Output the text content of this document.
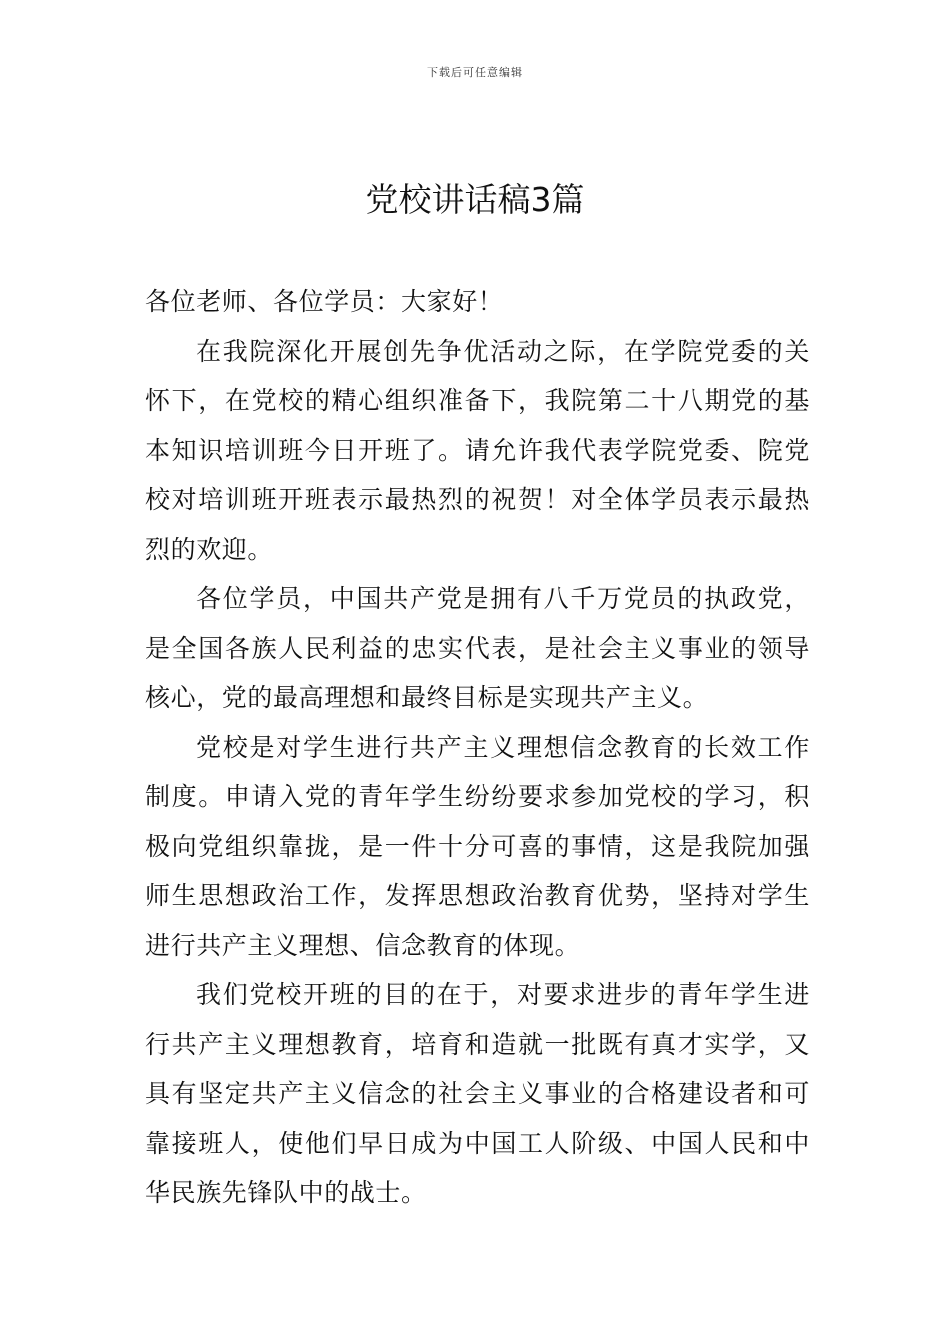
下载后可任意编辑
党校讲话稿3篇

各位老师、各位学员：大家好！

在我院深化开展创先争优活动之际，在学院党委的关怀下，在党校的精心组织准备下，我院第二十八期党的基本知识培训班今日开班了。请允许我代表学院党委、院党校对培训班开班表示最热烈的祝贺！对全体学员表示最热烈的欢迎。

各位学员，中国共产党是拥有八千万党员的执政党，是全国各族人民利益的忠实代表，是社会主义事业的领导核心，党的最高理想和最终目标是实现共产主义。

党校是对学生进行共产主义理想信念教育的长效工作制度。申请入党的青年学生纷纷要求参加党校的学习，积极向党组织靠拢，是一件十分可喜的事情，这是我院加强师生思想政治工作，发挥思想政治教育优势，坚持对学生进行共产主义理想、信念教育的体现。

我们党校开班的目的在于，对要求进步的青年学生进行共产主义理想教育，培育和造就一批既有真才实学，又具有坚定共产主义信念的社会主义事业的合格建设者和可靠接班人，使他们早日成为中国工人阶级、中国人民和中华民族先锋队中的战士。
